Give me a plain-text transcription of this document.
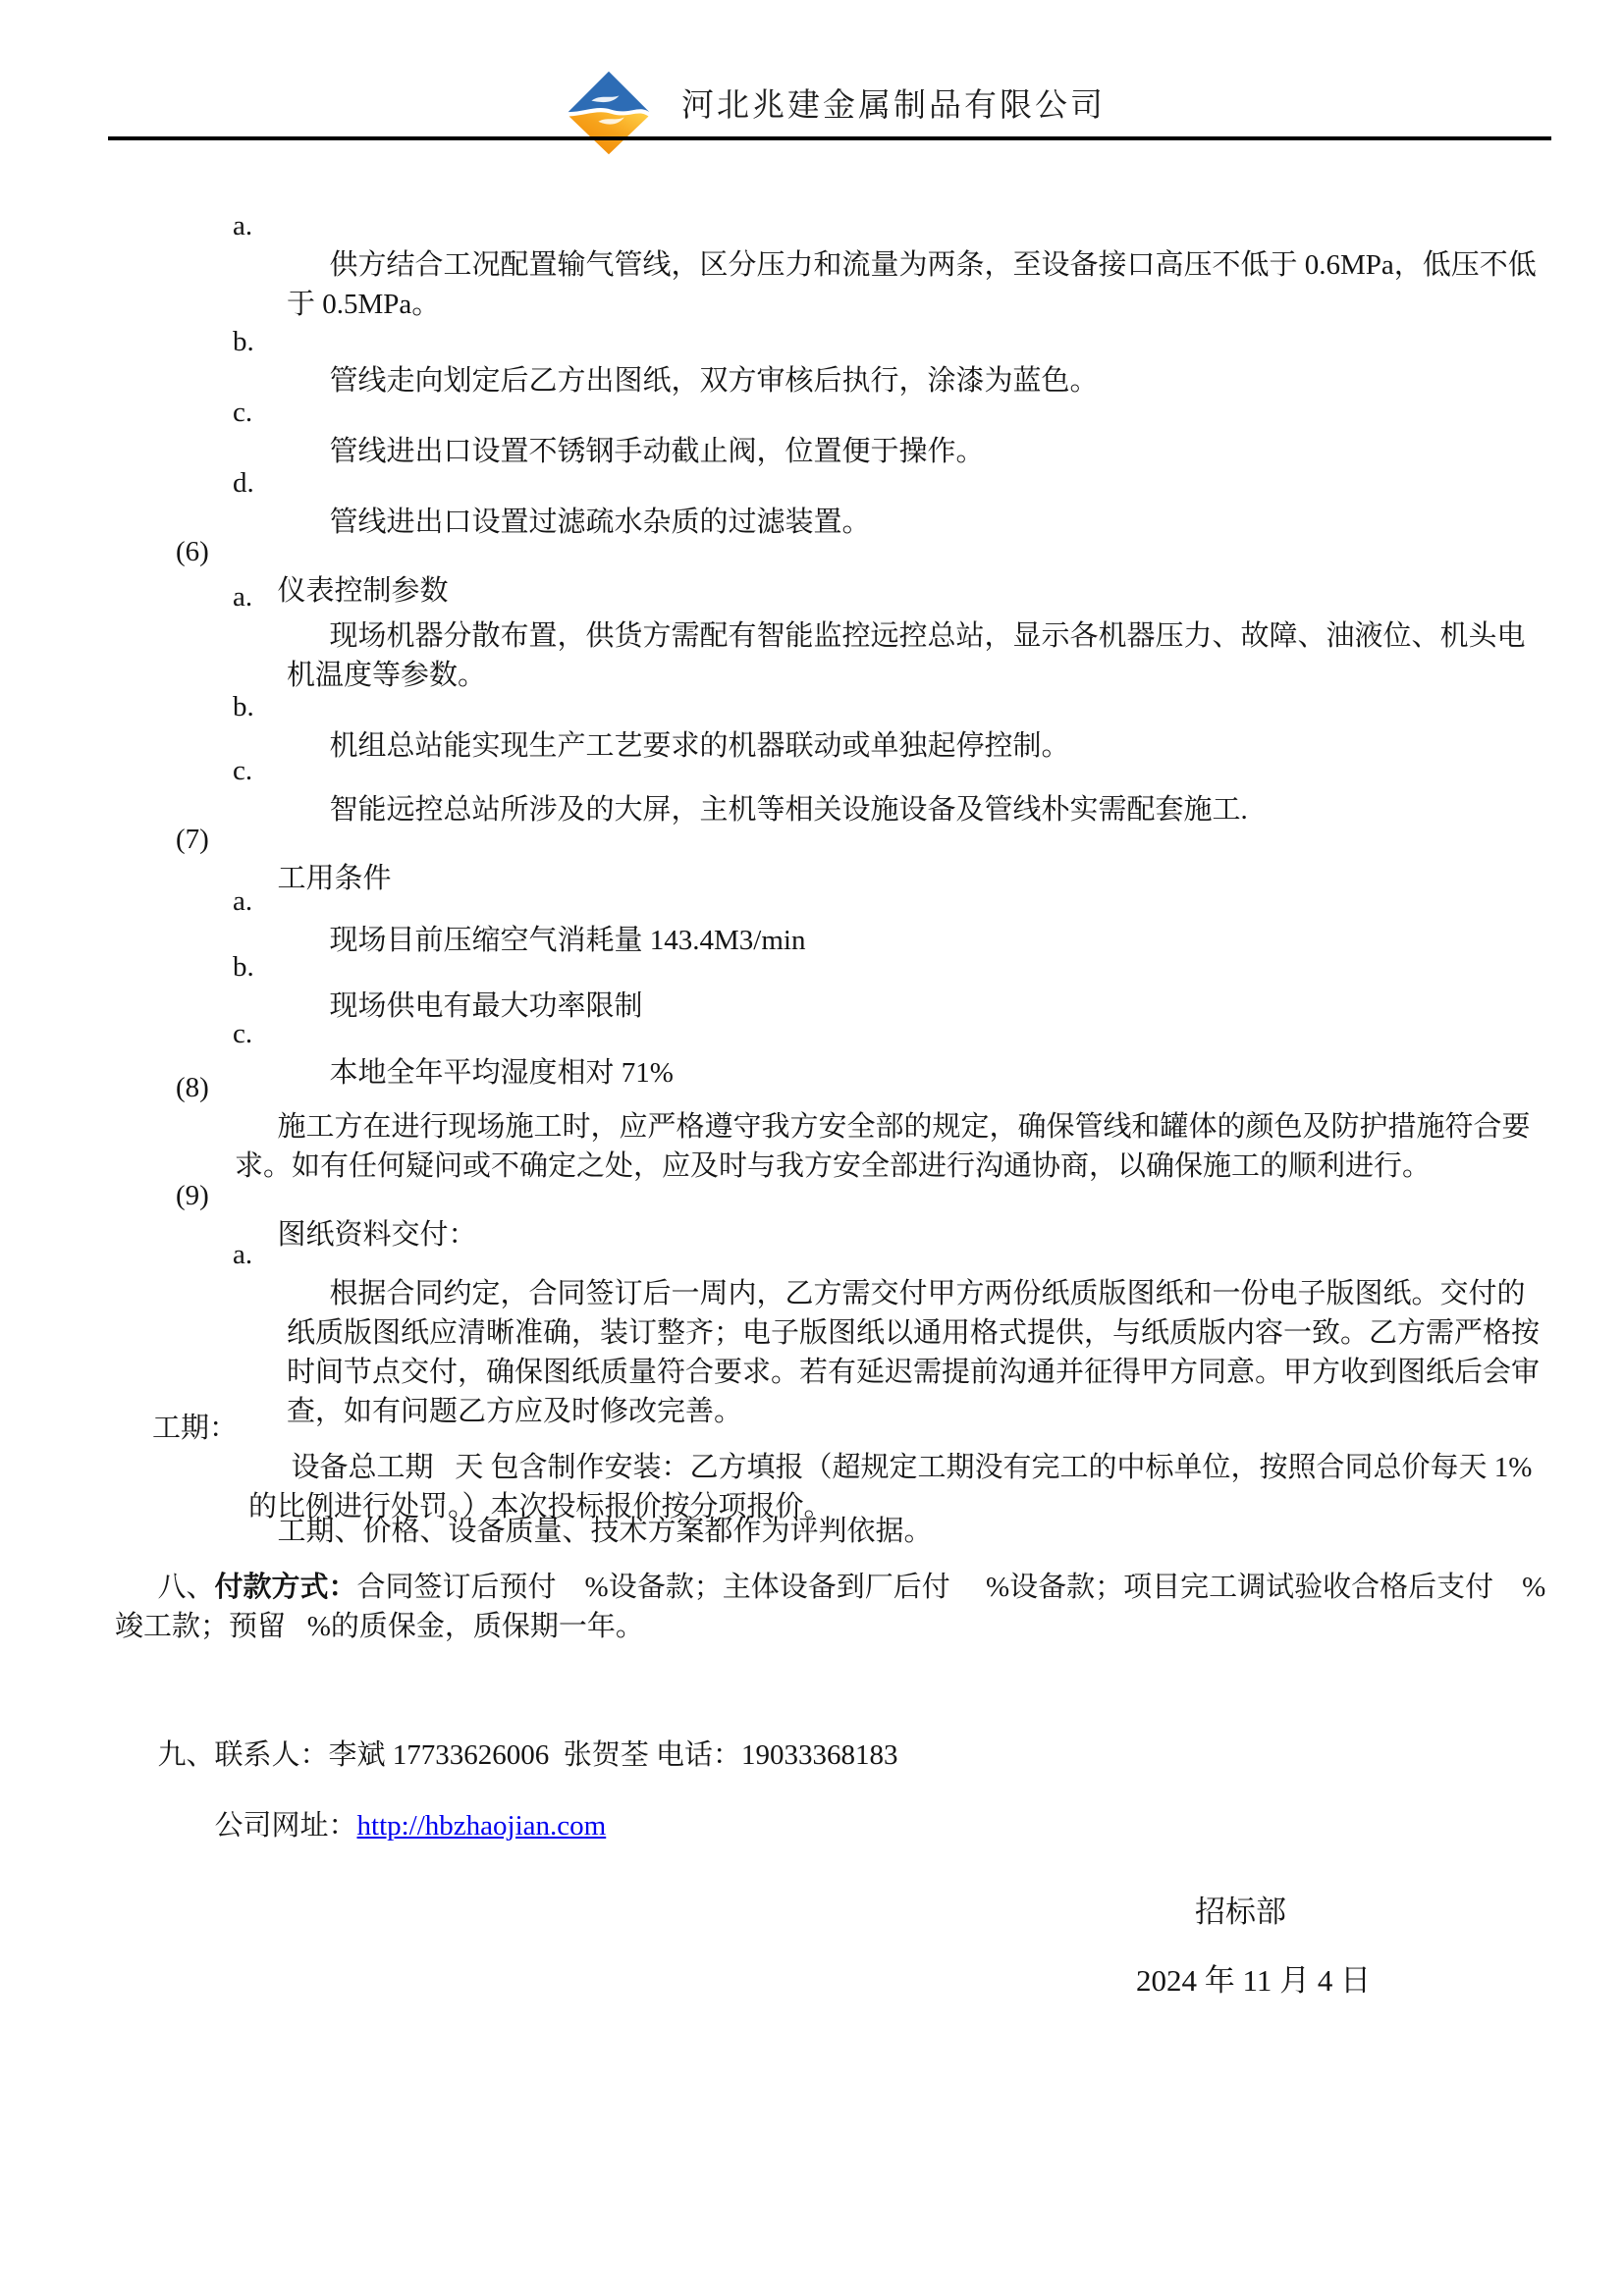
河北兆建金属制品有限公司

a.

供方结合工况配置输气管线，区分压力和流量为两条，至设备接口高压不低于 0.6MPa，低压不低于 0.5MPa。

b.

管线走向划定后乙方出图纸，双方审核后执行，涂漆为蓝色。

c.

管线进出口设置不锈钢手动截止阀，位置便于操作。

d.

管线进出口设置过滤疏水杂质的过滤装置。

(6)

仪表控制参数

a.

现场机器分散布置，供货方需配有智能监控远控总站，显示各机器压力、故障、油液位、机头电机温度等参数。

b.

机组总站能实现生产工艺要求的机器联动或单独起停控制。

c.

智能远控总站所涉及的大屏，主机等相关设施设备及管线朴实需配套施工.

(7)

工用条件

a.

现场目前压缩空气消耗量 143.4M3/min

b.

现场供电有最大功率限制

c.

本地全年平均湿度相对 71%

(8)

施工方在进行现场施工时，应严格遵守我方安全部的规定，确保管线和罐体的颜色及防护措施符合要求。如有任何疑问或不确定之处，应及时与我方安全部进行沟通协商，以确保施工的顺利进行。

(9)

图纸资料交付：

a.

根据合同约定，合同签订后一周内，乙方需交付甲方两份纸质版图纸和一份电子版图纸。交付的纸质版图纸应清晰准确，装订整齐；电子版图纸以通用格式提供，与纸质版内容一致。乙方需严格按时间节点交付，确保图纸质量符合要求。若有延迟需提前沟通并征得甲方同意。甲方收到图纸后会审查，如有问题乙方应及时修改完善。

工期：

设备总工期   天 包含制作安装：乙方填报（超规定工期没有完工的中标单位，按照合同总价每天 1%的比例进行处罚。）本次投标报价按分项报价。

工期、价格、设备质量、技术方案都作为评判依据。

八、付款方式：合同签订后预付    %设备款；主体设备到厂后付     %设备款；项目完工调试验收合格后支付    %竣工款；预留   %的质保金，质保期一年。

九、联系人：李斌 17733626006  张贺荃 电话：19033368183

公司网址：http://hbzhaojian.com

招标部
2024 年 11 月 4 日
